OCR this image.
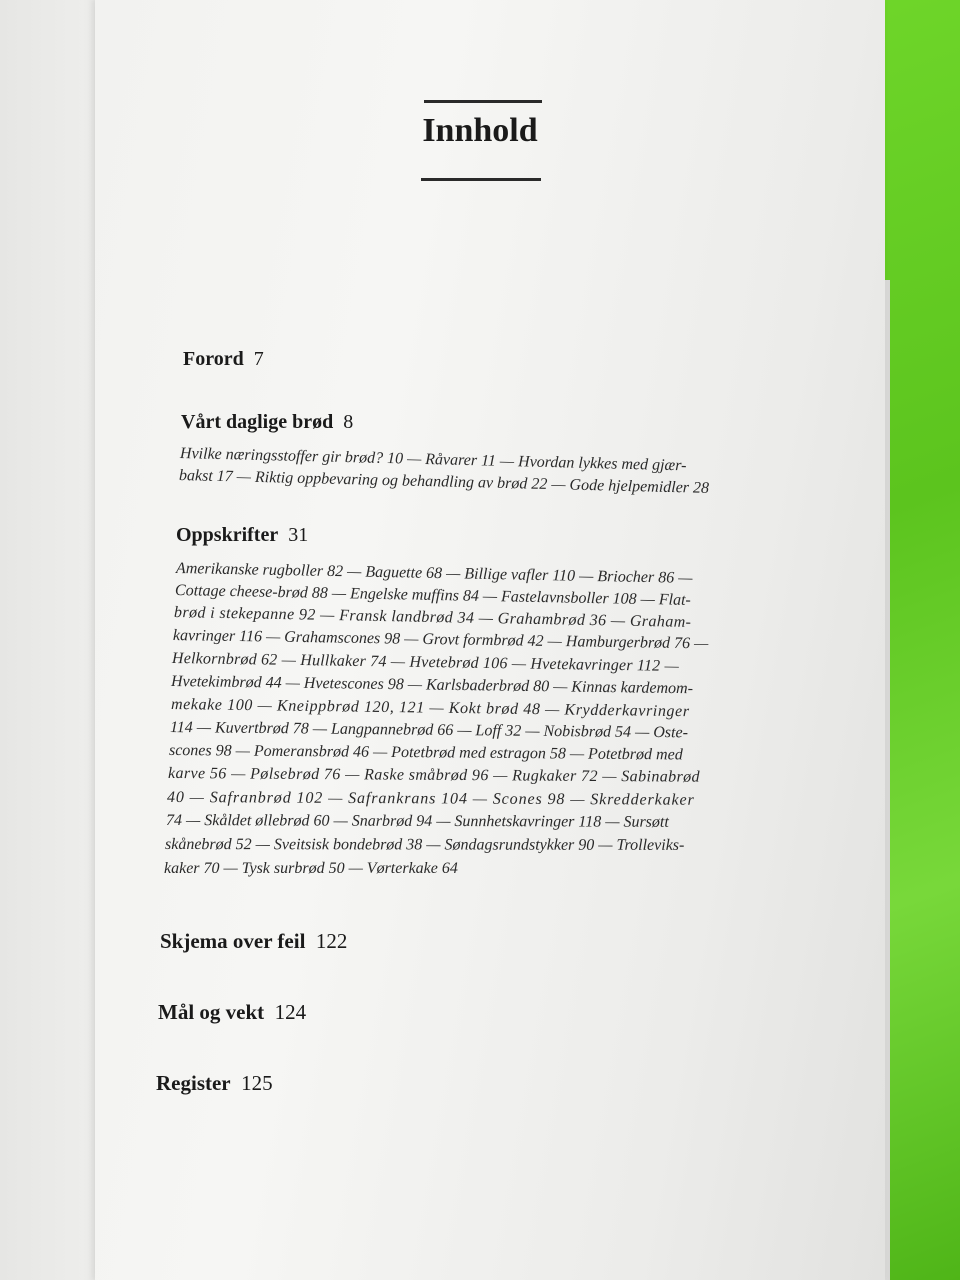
Innhold
Forord 7
Vårt daglige brød 8
Hvilke næringsstoffer gir brød? 10 — Råvarer 11 — Hvordan lykkes med gjær-
bakst 17 — Riktig oppbevaring og behandling av brød 22 — Gode hjelpemidler 28
Oppskrifter 31
Amerikanske rugboller 82 — Baguette 68 — Billige vafler 110 — Briocher 86 —
Cottage cheese-brød 88 — Engelske muffins 84 — Fastelavnsboller 108 — Flat-
brød i stekepanne 92 — Fransk landbrød 34 — Grahambrød 36 — Graham-
kavringer 116 — Grahamscones 98 — Grovt formbrød 42 — Hamburgerbrød 76 —
Helkornbrød 62 — Hullkaker 74 — Hvetebrød 106 — Hvetekavringer 112 —
Hvetekimbrød 44 — Hvetescones 98 — Karlsbaderbrød 80 — Kinnas kardemom-
mekake 100 — Kneippbrød 120, 121 — Kokt brød 48 — Krydderkavringer
114 — Kuvertbrød 78 — Langpannebrød 66 — Loff 32 — Nobisbrød 54 — Oste-
scones 98 — Pomeransbrød 46 — Potetbrød med estragon 58 — Potetbrød med
karve 56 — Pølsebrød 76 — Raske småbrød 96 — Rugkaker 72 — Sabinabrød
40 — Safranbrød 102 — Safrankrans 104 — Scones 98 — Skredderkaker
74 — Skåldet øllebrød 60 — Snarbrød 94 — Sunnhetskavringer 118 — Sursøtt
skånebrød 52 — Sveitsisk bondebrød 38 — Søndagsrundstykker 90 — Trolleviks-
kaker 70 — Tysk surbrød 50 — Vørterkake 64
Skjema over feil 122
Mål og vekt 124
Register 125
